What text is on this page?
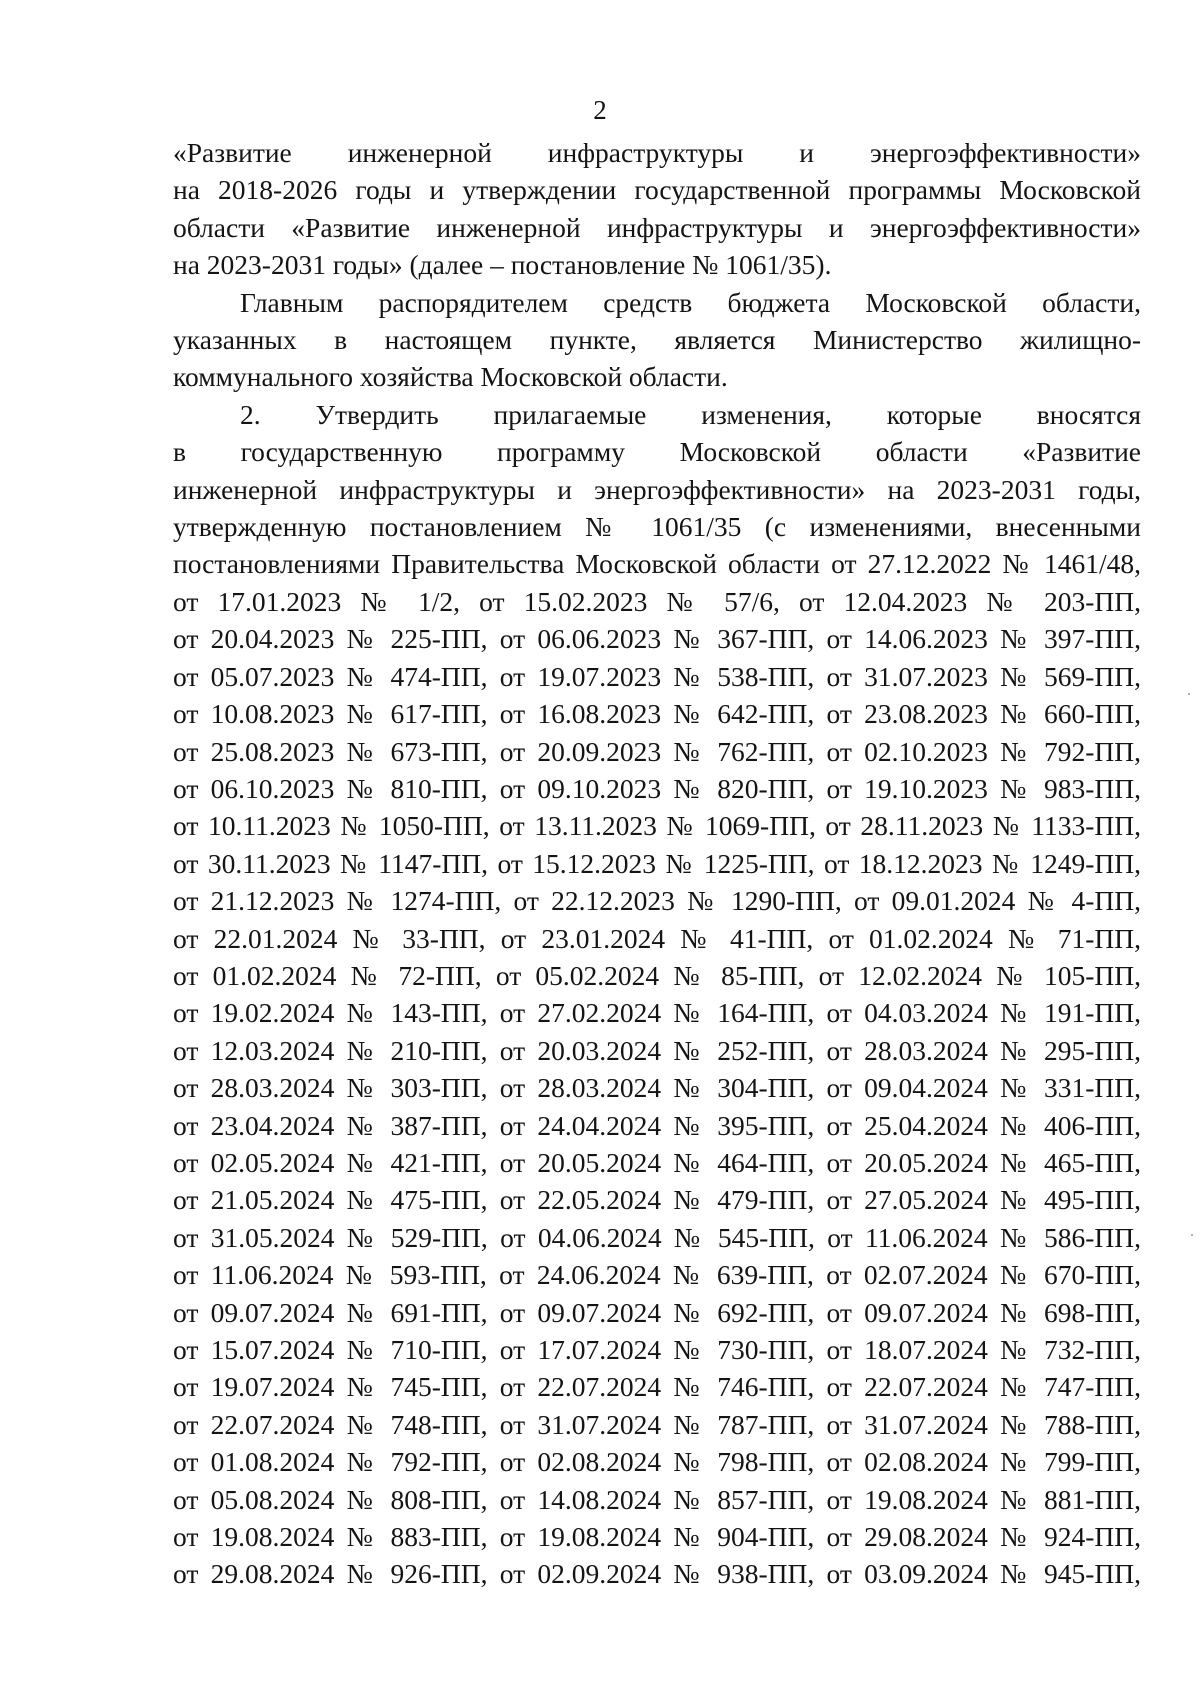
2

«Развитие инженерной инфраструктуры и энергоэффективности»

на 2018-2026 годы и утверждении государственной программы Московской

области «Развитие инженерной инфраструктуры и энергоэффективности»

на 2023-2031 годы» (далее – постановление № 1061/35).

Главным распорядителем средств бюджета Московской области,

указанных в настоящем пункте, является Министерство жилищно-

коммунального хозяйства Московской области.

2. Утвердить прилагаемые изменения, которые вносятся

в государственную программу Московской области «Развитие

инженерной инфраструктуры и энергоэффективности» на 2023-2031 годы,

утвержденную постановлением № 1061/35 (с изменениями, внесенными

постановлениями Правительства Московской области от 27.12.2022 № 1461/48,

от 17.01.2023 № 1/2, от 15.02.2023 № 57/6, от 12.04.2023 № 203-ПП,

от 20.04.2023 № 225-ПП, от 06.06.2023 № 367-ПП, от 14.06.2023 № 397-ПП,

от 05.07.2023 № 474-ПП, от 19.07.2023 № 538-ПП, от 31.07.2023 № 569-ПП,

от 10.08.2023 № 617-ПП, от 16.08.2023 № 642-ПП, от 23.08.2023 № 660-ПП,

от 25.08.2023 № 673-ПП, от 20.09.2023 № 762-ПП, от 02.10.2023 № 792-ПП,

от 06.10.2023 № 810-ПП, от 09.10.2023 № 820-ПП, от 19.10.2023 № 983-ПП,

от 10.11.2023 № 1050-ПП, от 13.11.2023 № 1069-ПП, от 28.11.2023 № 1133-ПП,

от 30.11.2023 № 1147-ПП, от 15.12.2023 № 1225-ПП, от 18.12.2023 № 1249-ПП,

от 21.12.2023 № 1274-ПП, от 22.12.2023 № 1290-ПП, от 09.01.2024 № 4-ПП,

от 22.01.2024 № 33-ПП, от 23.01.2024 № 41-ПП, от 01.02.2024 № 71-ПП,

от 01.02.2024 № 72-ПП, от 05.02.2024 № 85-ПП, от 12.02.2024 № 105-ПП,

от 19.02.2024 № 143-ПП, от 27.02.2024 № 164-ПП, от 04.03.2024 № 191-ПП,

от 12.03.2024 № 210-ПП, от 20.03.2024 № 252-ПП, от 28.03.2024 № 295-ПП,

от 28.03.2024 № 303-ПП, от 28.03.2024 № 304-ПП, от 09.04.2024 № 331-ПП,

от 23.04.2024 № 387-ПП, от 24.04.2024 № 395-ПП, от 25.04.2024 № 406-ПП,

от 02.05.2024 № 421-ПП, от 20.05.2024 № 464-ПП, от 20.05.2024 № 465-ПП,

от 21.05.2024 № 475-ПП, от 22.05.2024 № 479-ПП, от 27.05.2024 № 495-ПП,

от 31.05.2024 № 529-ПП, от 04.06.2024 № 545-ПП, от 11.06.2024 № 586-ПП,

от 11.06.2024 № 593-ПП, от 24.06.2024 № 639-ПП, от 02.07.2024 № 670-ПП,

от 09.07.2024 № 691-ПП, от 09.07.2024 № 692-ПП, от 09.07.2024 № 698-ПП,

от 15.07.2024 № 710-ПП, от 17.07.2024 № 730-ПП, от 18.07.2024 № 732-ПП,

от 19.07.2024 № 745-ПП, от 22.07.2024 № 746-ПП, от 22.07.2024 № 747-ПП,

от 22.07.2024 № 748-ПП, от 31.07.2024 № 787-ПП, от 31.07.2024 № 788-ПП,

от 01.08.2024 № 792-ПП, от 02.08.2024 № 798-ПП, от 02.08.2024 № 799-ПП,

от 05.08.2024 № 808-ПП, от 14.08.2024 № 857-ПП, от 19.08.2024 № 881-ПП,

от 19.08.2024 № 883-ПП, от 19.08.2024 № 904-ПП, от 29.08.2024 № 924-ПП,

от 29.08.2024 № 926-ПП, от 02.09.2024 № 938-ПП, от 03.09.2024 № 945-ПП,
